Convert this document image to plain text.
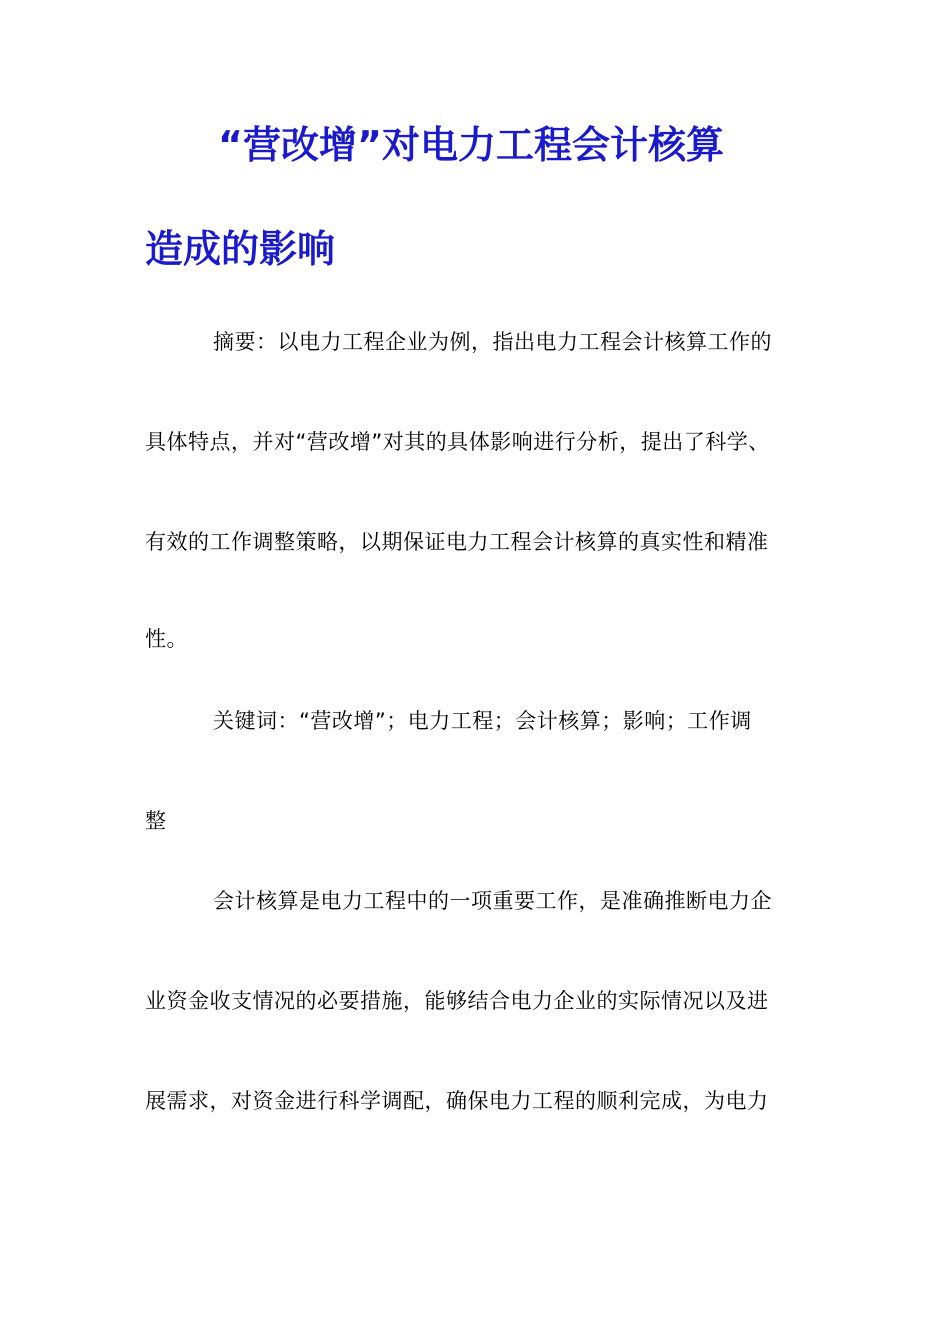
“营改增”对电力工程会计核算
造成的影响
摘要：以电力工程企业为例，指出电力工程会计核算工作的
具体特点，并对“营改增”对其的具体影响进行分析，提出了科学、
有效的工作调整策略，以期保证电力工程会计核算的真实性和精准
性。
关键词：“营改增”；电力工程；会计核算；影响；工作调
整
会计核算是电力工程中的一项重要工作，是准确推断电力企
业资金收支情况的必要措施，能够结合电力企业的实际情况以及进
展需求，对资金进行科学调配，确保电力工程的顺利完成，为电力
